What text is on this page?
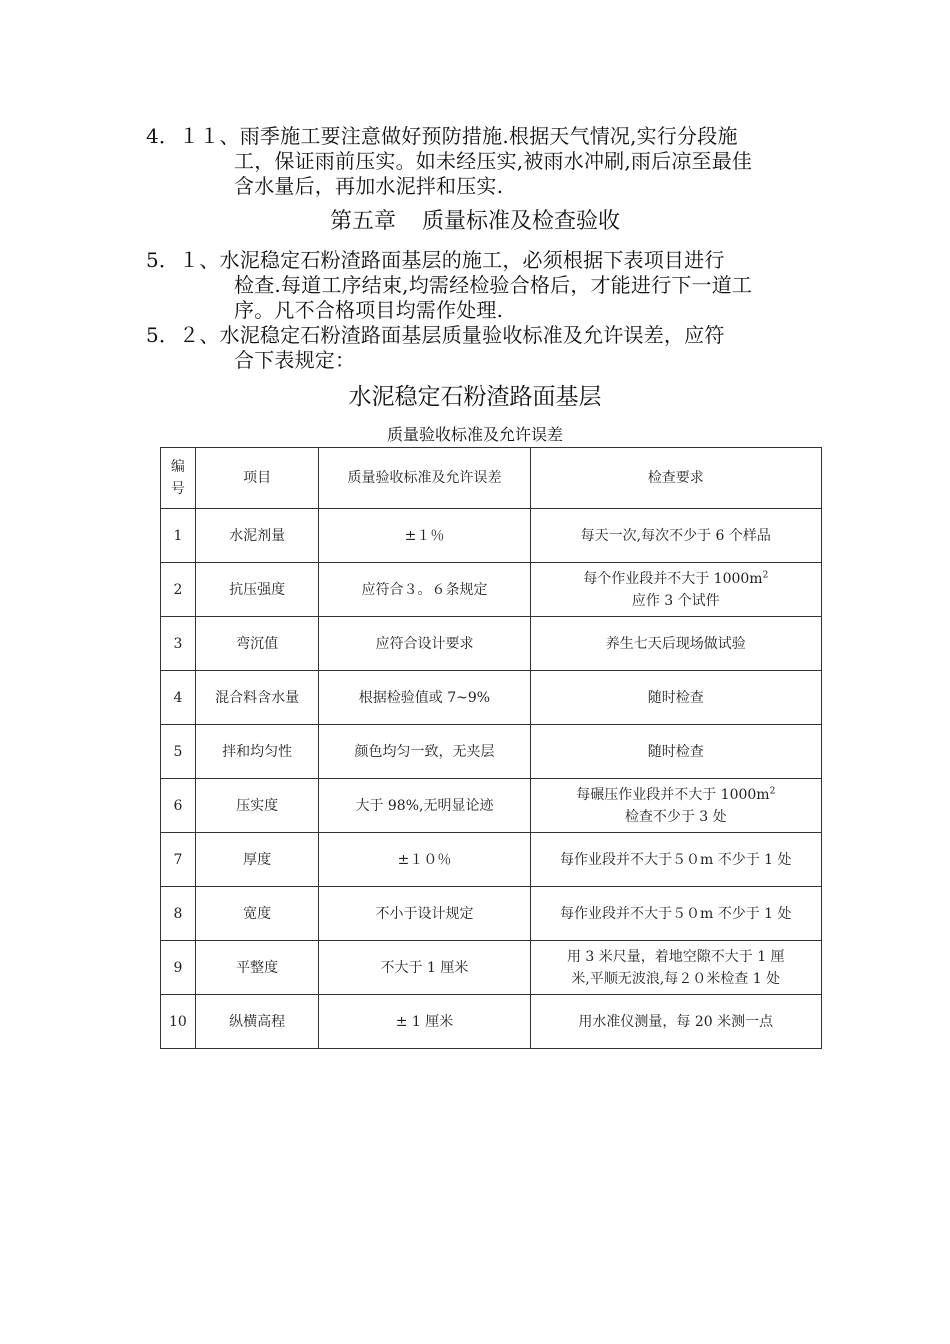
4．１１、雨季施工要注意做好预防措施.根据天气情况,实行分段施
工，保证雨前压实。如未经压实,被雨水冲刷,雨后凉至最佳
含水量后，再加水泥拌和压实.
第五章 质量标准及检查验收
5．１、水泥稳定石粉渣路面基层的施工，必须根据下表项目进行
检查.每道工序结束,均需经检验合格后，才能进行下一道工
序。凡不合格项目均需作处理.
5．２、水泥稳定石粉渣路面基层质量验收标准及允许误差，应符
合下表规定：
水泥稳定石粉渣路面基层
质量验收标准及允许误差
编
号	项目	质量验收标准及允许误差	检查要求
1	水泥剂量	±１％	每天一次,每次不少于 6 个样品

2	抗压强度	应符合３。６条规定	每个作业段并不大于 $1000m^2$
应作 3 个试件

3	弯沉值	应符合设计要求	养生七天后现场做试验

4	混合料含水量	根据检验值或 7~9%	随时检查

5	拌和均匀性	颜色均匀一致，无夹层	随时检查

6	压实度	大于 98%,无明显论迹	每碾压作业段并不大于 $1000m^2$
检查不少于 3 处

7	厚度	±１０％	每作业段并不大于５０m 不少于 1 处

8	宽度	不小于设计规定	每作业段并不大于５０m 不少于 1 处

9	平整度	不大于 1 厘米	用 3 米尺量，着地空隙不大于 1 厘
米,平顺无波浪,每２０米检查 1 处

10	纵横高程	± 1 厘米	用水准仪测量，每 20 米测一点
